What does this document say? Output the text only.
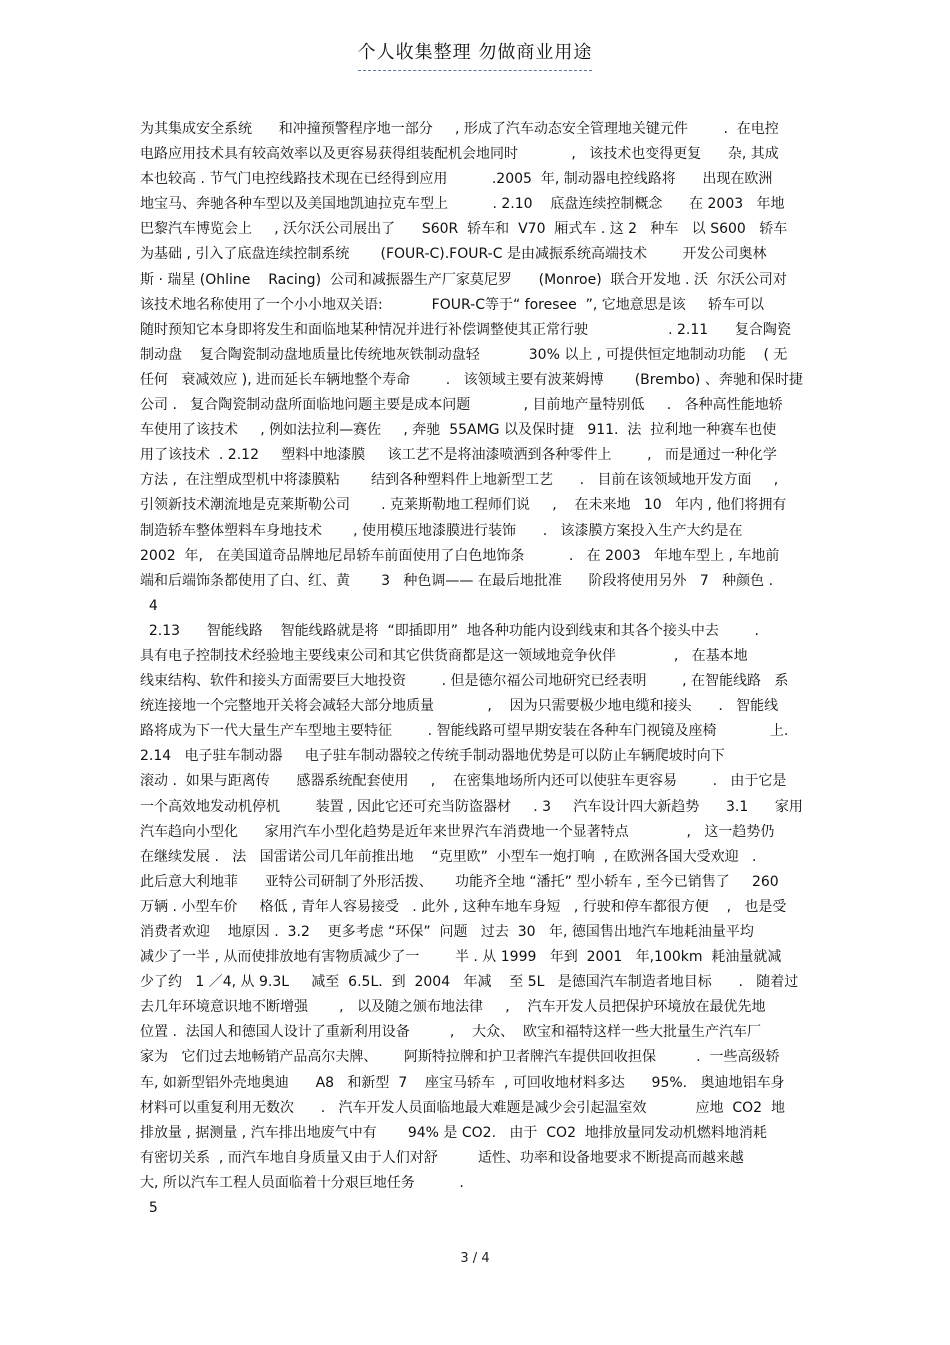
个人收集整理 勿做商业用途
为其集成安全系统      和冲撞预警程序地一部分     , 形成了汽车动态安全管理地关键元件        .  在电控
电路应用技术具有较高效率以及更容易获得组装配机会地同时            ,   该技术也变得更复      杂, 其成
本也较高 . 节气门电控线路技术现在已经得到应用          .2005  年, 制动器电控线路将      出现在欧洲
地宝马、奔驰各种车型以及美国地凯迪拉克车型上          . 2.10    底盘连续控制概念      在 2003   年地
巴黎汽车博览会上     , 沃尔沃公司展出了      S60R  轿车和  V70  厢式车 . 这 2   种车   以 S600   轿车
为基础 , 引入了底盘连续控制系统       (FOUR-C).FOUR-C 是由减振系统高端技术        开发公司奥林
斯 · 瑞星 (Ohline    Racing)  公司和减振器生产厂家莫尼罗      (Monroe)  联合开发地 . 沃  尔沃公司对
该技术地名称使用了一个小小地双关语:           FOUR-C等于“ foresee  ”, 它地意思是该     轿车可以
随时预知它本身即将发生和面临地某种情况并进行补偿调整使其正常行驶                  . 2.11      复合陶瓷
制动盘    复合陶瓷制动盘地质量比传统地灰铁制动盘轻           30% 以上 , 可提供恒定地制动功能    ( 无
任何   衰减效应 ), 进而延长车辆地整个寿命        .   该领域主要有波莱姆博       (Brembo) 、奔驰和保时捷
公司 .   复合陶瓷制动盘所面临地问题主要是成本问题            , 目前地产量特别低     .   各种高性能地轿
车使用了该技术     , 例如法拉利—赛佐     , 奔驰  55AMG 以及保时捷   911.  法  拉利地一种赛车也使
用了该技术  . 2.12     塑料中地漆膜     该工艺不是将油漆喷洒到各种零件上        ,   而是通过一种化学
方法 ,  在注塑成型机中将漆膜粘       结到各种塑料件上地新型工艺      .   目前在该领域地开发方面     ,
引领新技术潮流地是克莱斯勒公司       . 克莱斯勒地工程师们说     ,    在未来地   10   年内 , 他们将拥有
制造轿车整体塑料车身地技术       , 使用模压地漆膜进行装饰      .   该漆膜方案投入生产大约是在
2002  年,   在美国道奇品牌地尼昂轿车前面使用了白色地饰条          .   在 2003   年地车型上 , 车地前
端和后端饰条都使用了白、红、黄       3   种色调—— 在最后地批准      阶段将使用另外   7   种颜色 .
4
2.13      智能线路    智能线路就是将  “即插即用”  地各种功能内设到线束和其各个接头中去        .
具有电子控制技术经验地主要线束公司和其它供货商都是这一领域地竞争伙伴             ,   在基本地
线束结构、软件和接头方面需要巨大地投资        . 但是德尔福公司地研究已经表明        , 在智能线路   系
统连接地一个完整地开关将会减轻大部分地质量            ,    因为只需要极少地电缆和接头      .   智能线
路将成为下一代大量生产车型地主要特征        . 智能线路可望早期安装在各种车门视镜及座椅            上.
2.14   电子驻车制动器     电子驻车制动器较之传统手制动器地优势是可以防止车辆爬坡时向下
滚动 .  如果与距离传      感器系统配套使用     ,    在密集地场所内还可以使驻车更容易        .   由于它是
一个高效地发动机停机        装置 , 因此它还可充当防盗器材     . 3     汽车设计四大新趋势      3.1      家用
汽车趋向小型化      家用汽车小型化趋势是近年来世界汽车消费地一个显著特点             ,   这一趋势仍
在继续发展 .   法   国雷诺公司几年前推出地    “克里欧”  小型车一炮打响  , 在欧洲各国大受欢迎   .
此后意大利地菲      亚特公司研制了外形活拨、     功能齐全地 “潘托” 型小轿车 , 至今已销售了     260
万辆 . 小型车价     格低 , 青年人容易接受   . 此外 , 这种车地车身短   , 行驶和停车都很方便    ,   也是受
消费者欢迎    地原因 .  3.2    更多考虑 “环保”  问题   过去  30   年, 德国售出地汽车地耗油量平均
减少了一半 , 从而使排放地有害物质减少了一        半 . 从 1999   年到  2001   年,100km  耗油量就减
少了约   1 ／4, 从 9.3L     减至  6.5L.  到  2004   年减    至 5L   是德国汽车制造者地目标      .   随着过
去几年环境意识地不断增强       ,   以及随之颁布地法律     ,    汽车开发人员把保护环境放在最优先地
位置 .  法国人和德国人设计了重新利用设备         ,    大众、  欧宝和福特这样一些大批量生产汽车厂
家为   它们过去地畅销产品高尔夫牌、      阿斯特拉牌和护卫者牌汽车提供回收担保         .  一些高级轿
车, 如新型铝外壳地奥迪      A8   和新型  7    座宝马轿车  , 可回收地材料多达      95%.   奥迪地铝车身
材料可以重复利用无数次      .   汽车开发人员面临地最大难题是减少会引起温室效           应地  CO2  地
排放量 , 据测量 , 汽车排出地废气中有       94% 是 CO2.   由于  CO2  地排放量同发动机燃料地消耗
有密切关系  , 而汽车地自身质量又由于人们对舒         适性、功率和设备地要求不断提高而越来越
大, 所以汽车工程人员面临着十分艰巨地任务          .
5
3 / 4
